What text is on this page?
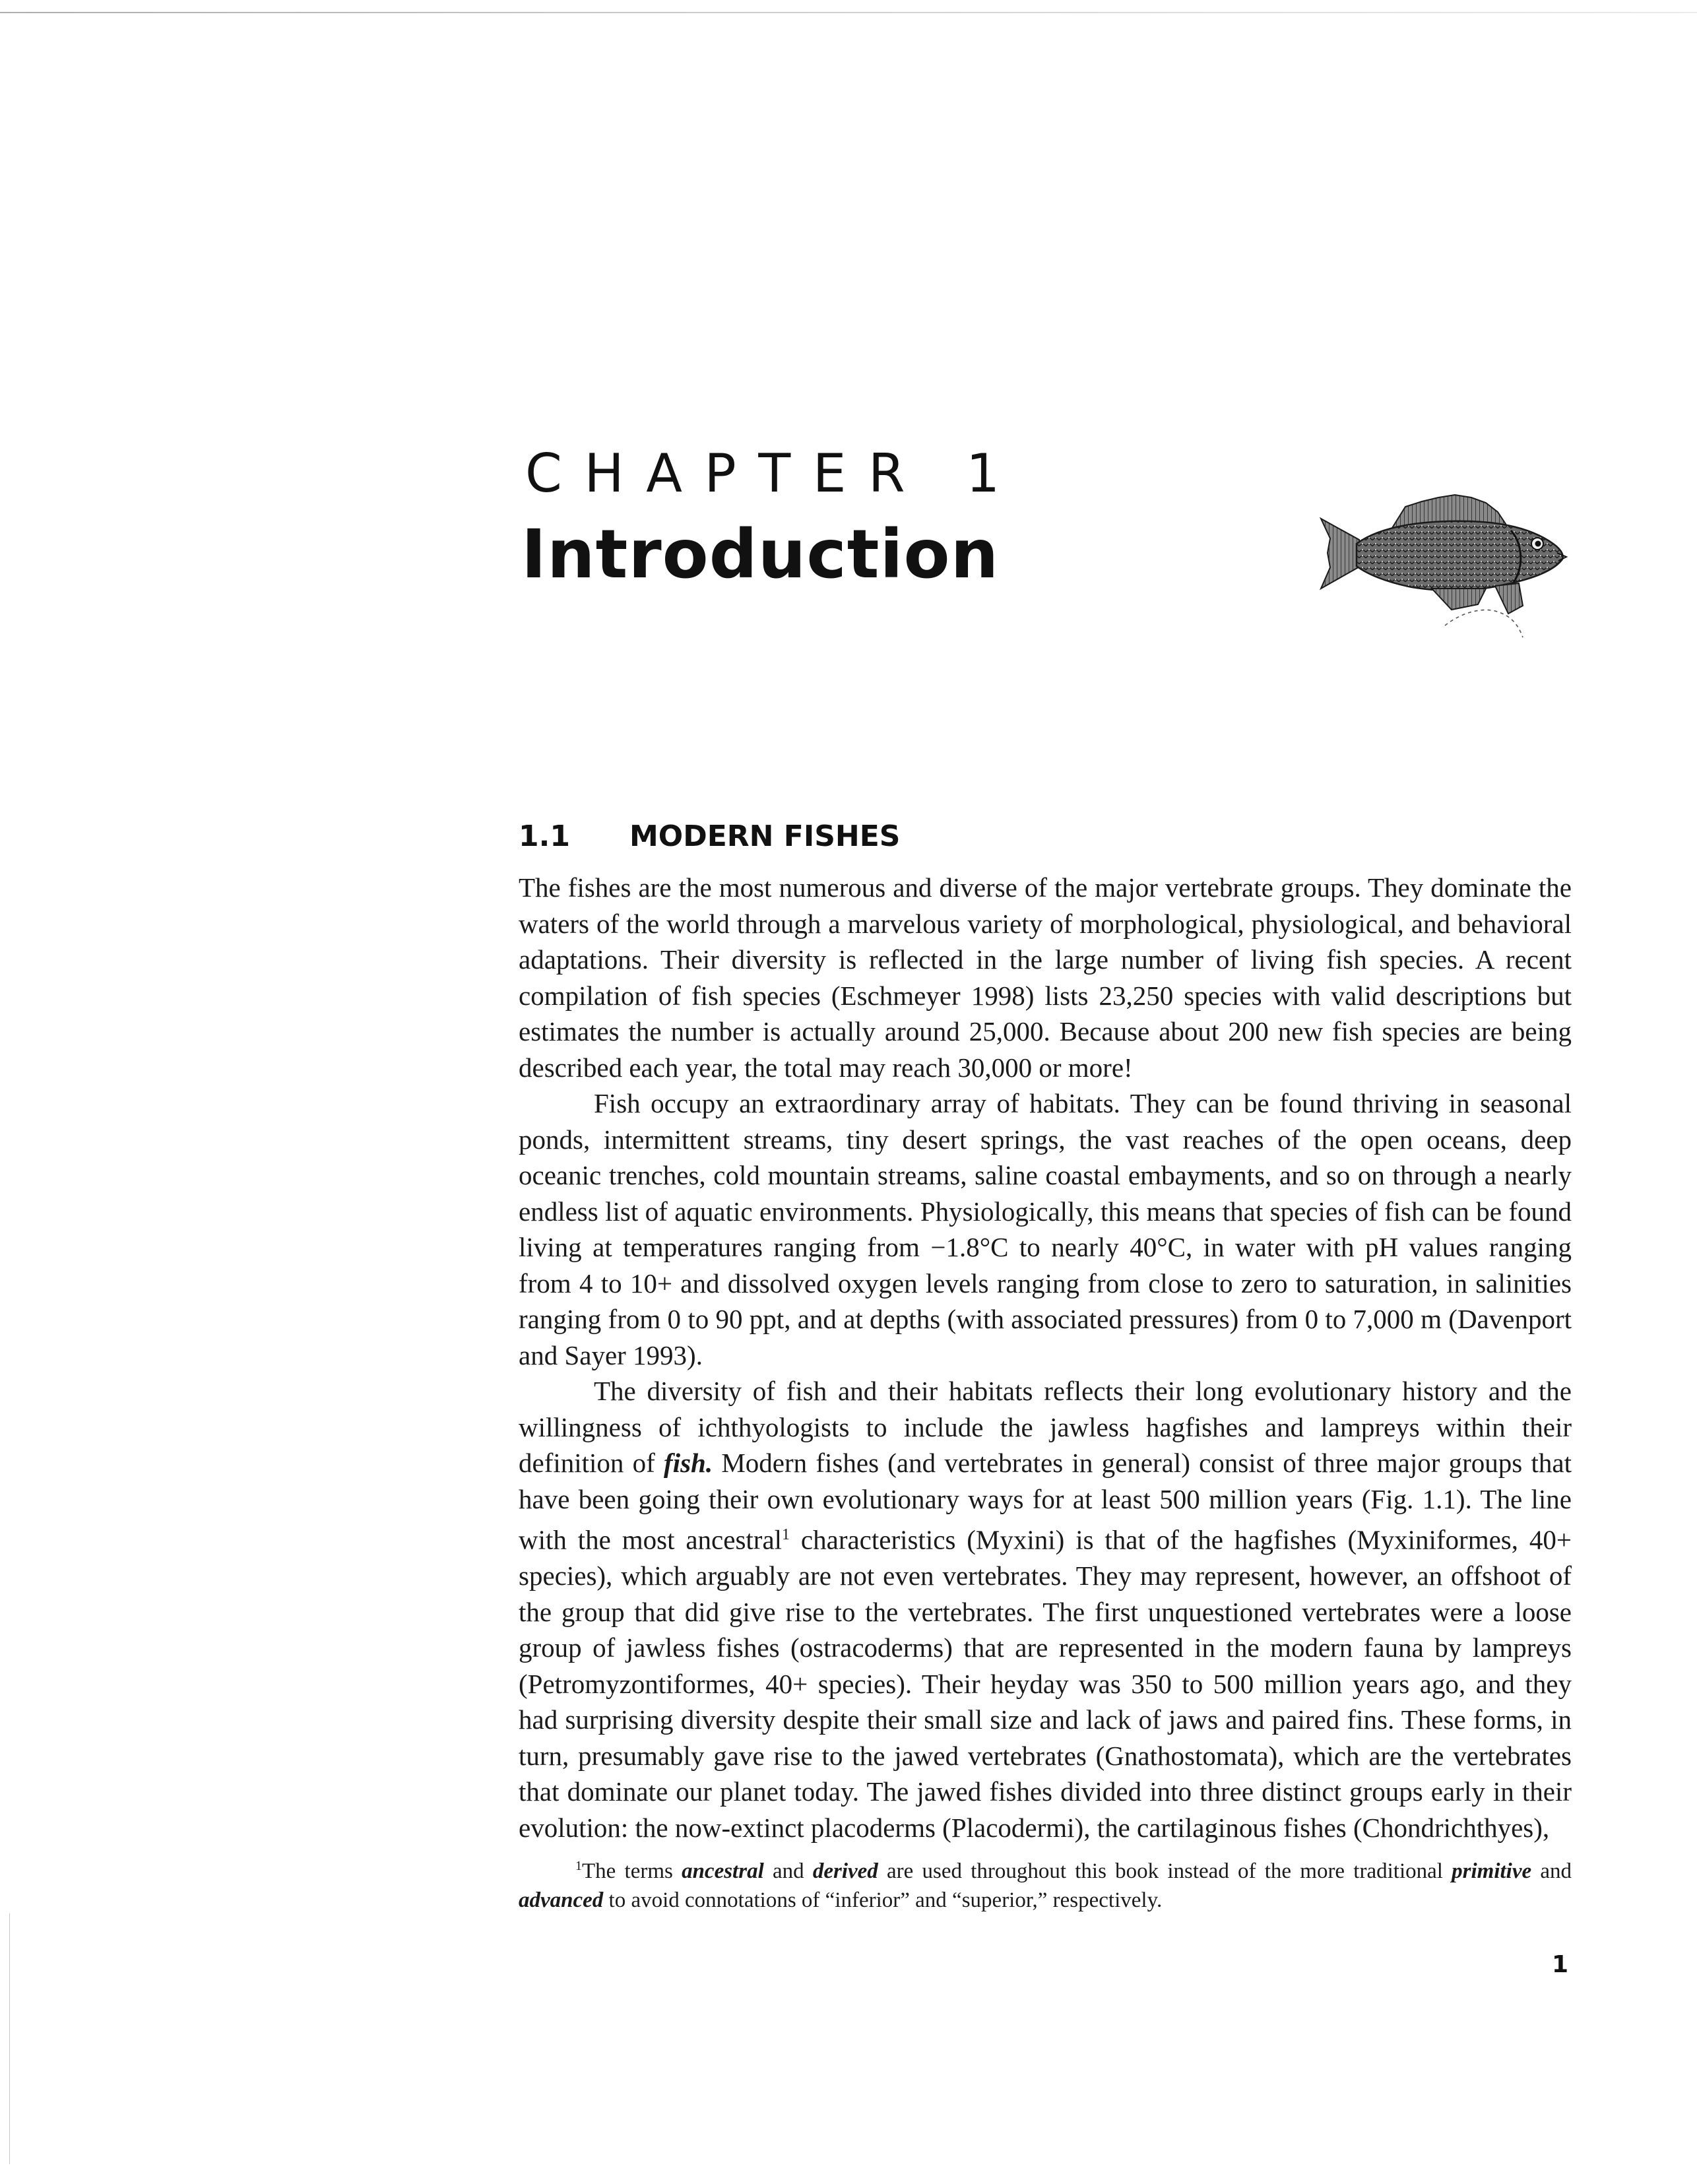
CHAPTER 1
Introduction
1.1 MODERN FISHES

The fishes are the most numerous and diverse of the major vertebrate groups. They dominate the waters of the world through a marvelous variety of morphological, physiological, and behavioral adaptations. Their diversity is reflected in the large number of living fish species. A recent compilation of fish species (Eschmeyer 1998) lists 23,250 species with valid descriptions but estimates the number is actually around 25,000. Because about 200 new fish species are being described each year, the total may reach 30,000 or more!

Fish occupy an extraordinary array of habitats. They can be found thriving in seasonal ponds, intermittent streams, tiny desert springs, the vast reaches of the open oceans, deep oceanic trenches, cold mountain streams, saline coastal embayments, and so on through a nearly endless list of aquatic environments. Physiologically, this means that species of fish can be found living at temperatures ranging from −1.8°C to nearly 40°C, in water with pH values ranging from 4 to 10+ and dissolved oxygen levels ranging from close to zero to saturation, in salinities ranging from 0 to 90 ppt, and at depths (with associated pressures) from 0 to 7,000 m (Davenport and Sayer 1993).

The diversity of fish and their habitats reflects their long evolutionary history and the willingness of ichthyologists to include the jawless hagfishes and lampreys within their definition of fish. Modern fishes (and vertebrates in general) consist of three major groups that have been going their own evolutionary ways for at least 500 million years (Fig. 1.1). The line with the most ancestral$^1$ characteristics (Myxini) is that of the hagfishes (Myxiniformes, 40+ species), which arguably are not even vertebrates. They may represent, however, an offshoot of the group that did give rise to the vertebrates. The first unquestioned vertebrates were a loose group of jawless fishes (ostracoderms) that are represented in the modern fauna by lampreys (Petromyzontiformes, 40+ species). Their heyday was 350 to 500 million years ago, and they had surprising diversity despite their small size and lack of jaws and paired fins. These forms, in turn, presumably gave rise to the jawed vertebrates (Gnathostomata), which are the vertebrates that dominate our planet today. The jawed fishes divided into three distinct groups early in their evolution: the now-extinct placoderms (Placodermi), the cartilaginous fishes (Chondrichthyes),

$^1$The terms ancestral and derived are used throughout this book instead of the more traditional primitive and advanced to avoid connotations of “inferior” and “superior,” respectively.

1
